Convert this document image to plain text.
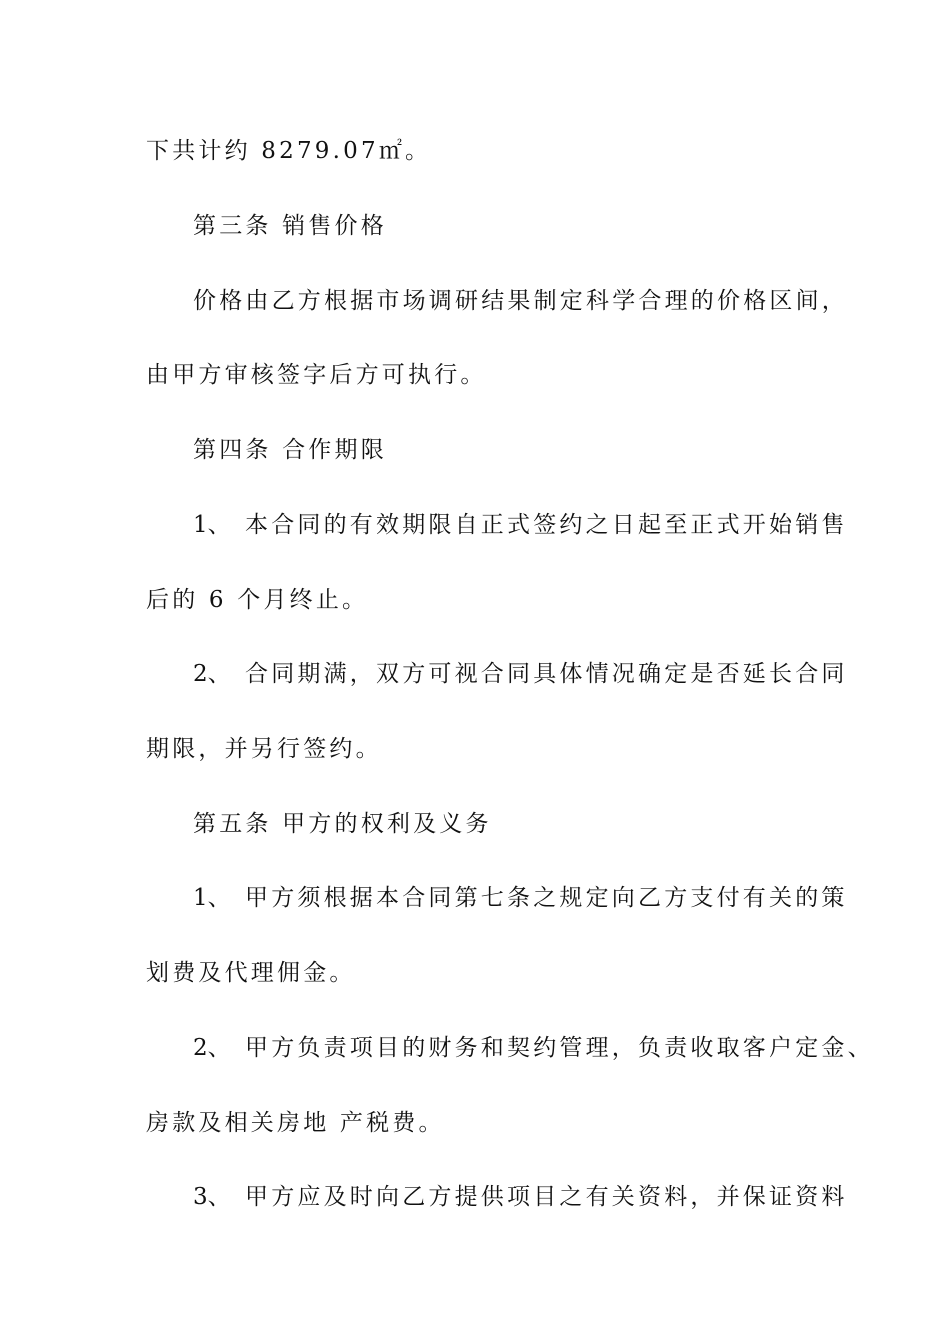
下共计约 8279.07㎡。
第三条 销售价格
价格由乙方根据市场调研结果制定科学合理的价格区间，
由甲方审核签字后方可执行。
第四条 合作期限
1、 本合同的有效期限自正式签约之日起至正式开始销售
后的 6 个月终止。
2、 合同期满，双方可视合同具体情况确定是否延长合同
期限，并另行签约。
第五条 甲方的权利及义务
1、 甲方须根据本合同第七条之规定向乙方支付有关的策
划费及代理佣金。
2、 甲方负责项目的财务和契约管理，负责收取客户定金、
房款及相关房地 产税费。
3、 甲方应及时向乙方提供项目之有关资料，并保证资料
